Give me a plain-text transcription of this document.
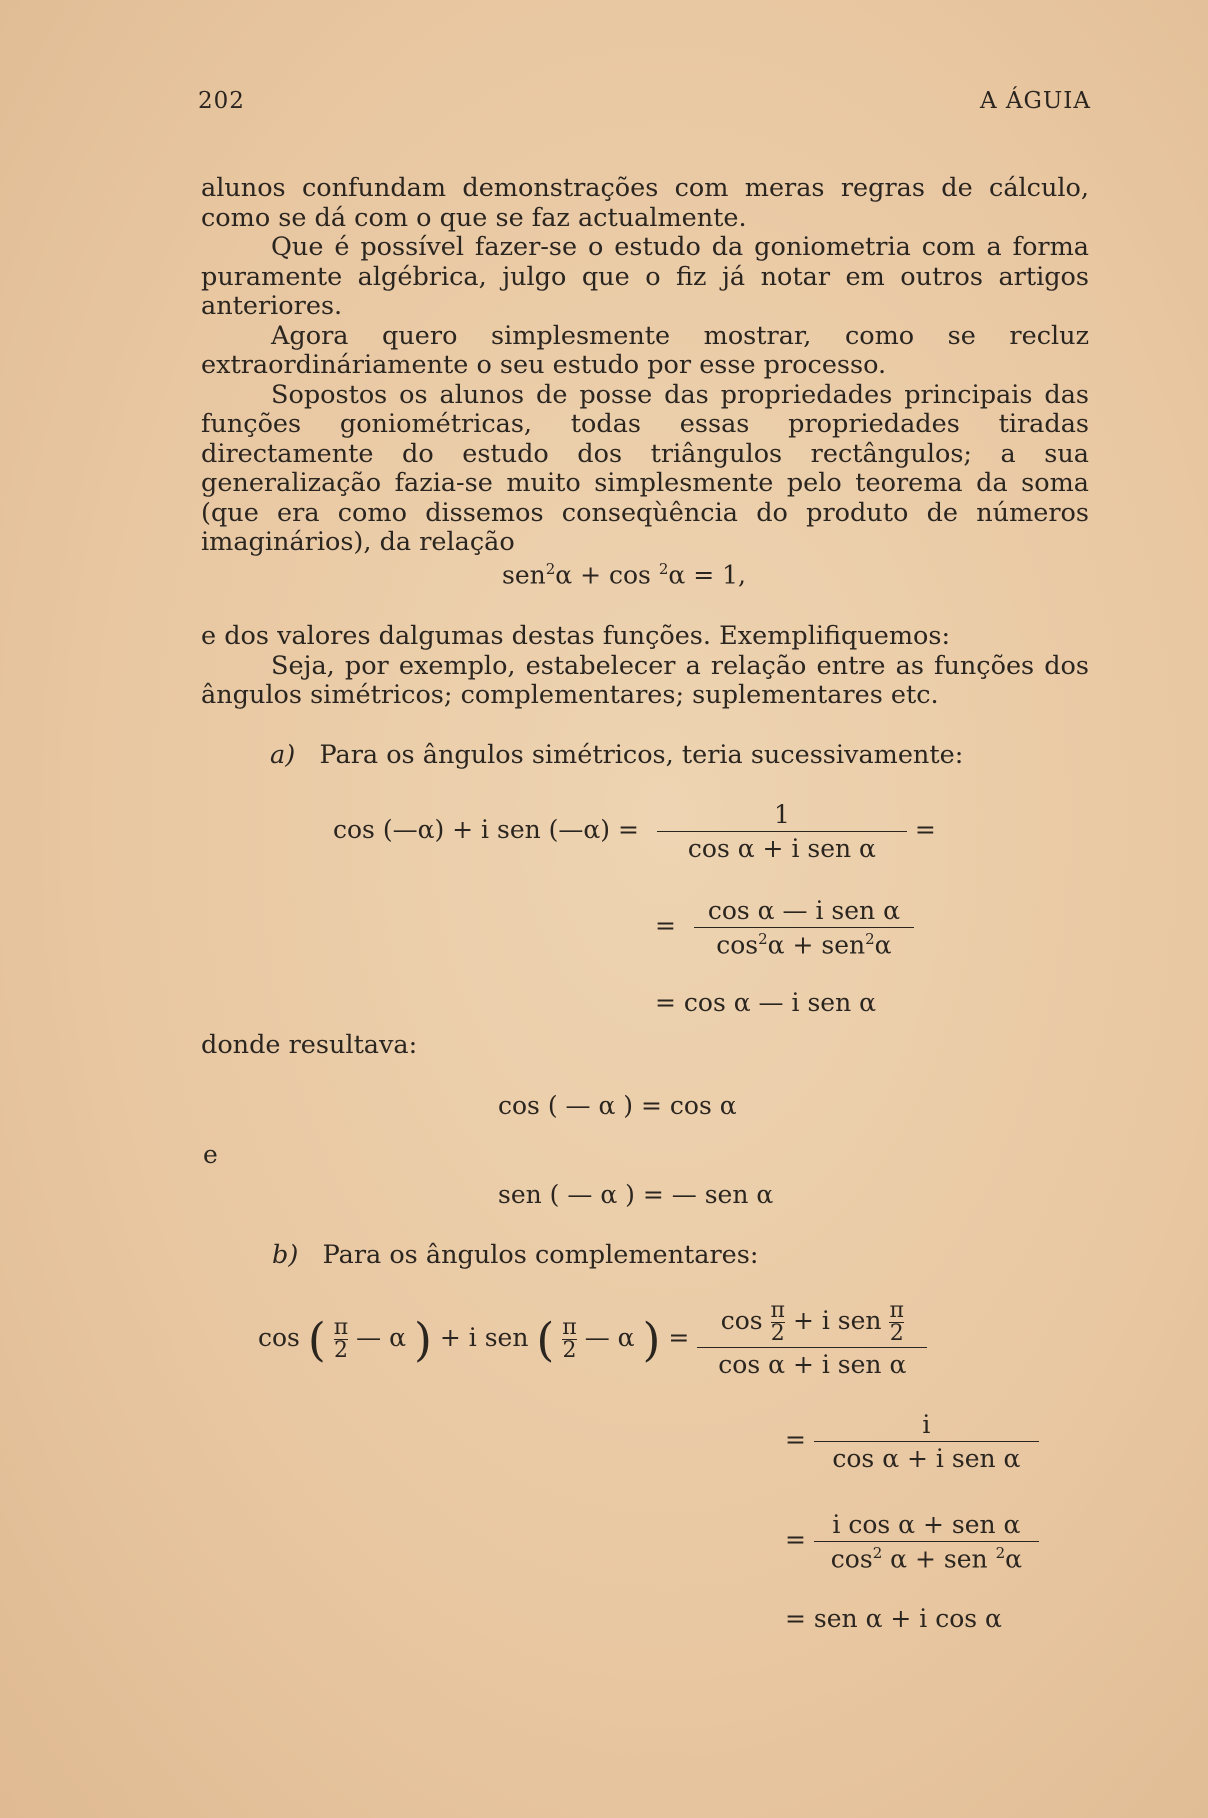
202	A ÁGUIA

alunos confundam demonstrações com meras regras de cálculo, como se dá com o que se faz actualmente.

Que é possível fazer-se o estudo da goniometria com a forma puramente algébrica, julgo que o fiz já notar em outros artigos anteriores.

Agora quero simplesmente mostrar, como se recluz extraordináriamente o seu estudo por esse processo.

Sopostos os alunos de posse das propriedades principais das funções goniométricas, todas essas propriedades tiradas directamente do estudo dos triângulos rectângulos; a sua generalização fazia-se muito simplesmente pelo teorema da soma (que era como dissemos conseqùência do produto de números imaginários), da relação

sen$^2$α + cos $^2$α = 1,

e dos valores dalgumas destas funções. Exemplifiquemos:

Seja, por exemplo, estabelecer a relação entre as funções dos ângulos simétricos; complementares; suplementares etc.

a) Para os ângulos simétricos, teria sucessivamente:
cos (—α) + i sen (—α) = $\frac{1}{\text{cos α + i sen α}}$ =
= $\frac{\text{cos α — i sen α}}{\cos^2\alpha + sen^2\alpha}$
= cos α — i sen α
donde resultava:
cos ( — α ) = cos α
e
sen ( — α ) = — sen α
b) Para os ângulos complementares:
cos ( $\frac{\pi}{2}$ — α ) + i sen ( $\frac{\pi}{2}$ — α ) = $\frac{\cos \frac{\pi}{2} + i sen \frac{\pi}{2}}{\text{cos α + i sen α}}$
= $\frac{i}{\text{cos α + i sen α}}$
= $\frac{\text{i cos α + sen α}}{\cos^2 \alpha + sen ^2\alpha}$
= sen α + i cos α
